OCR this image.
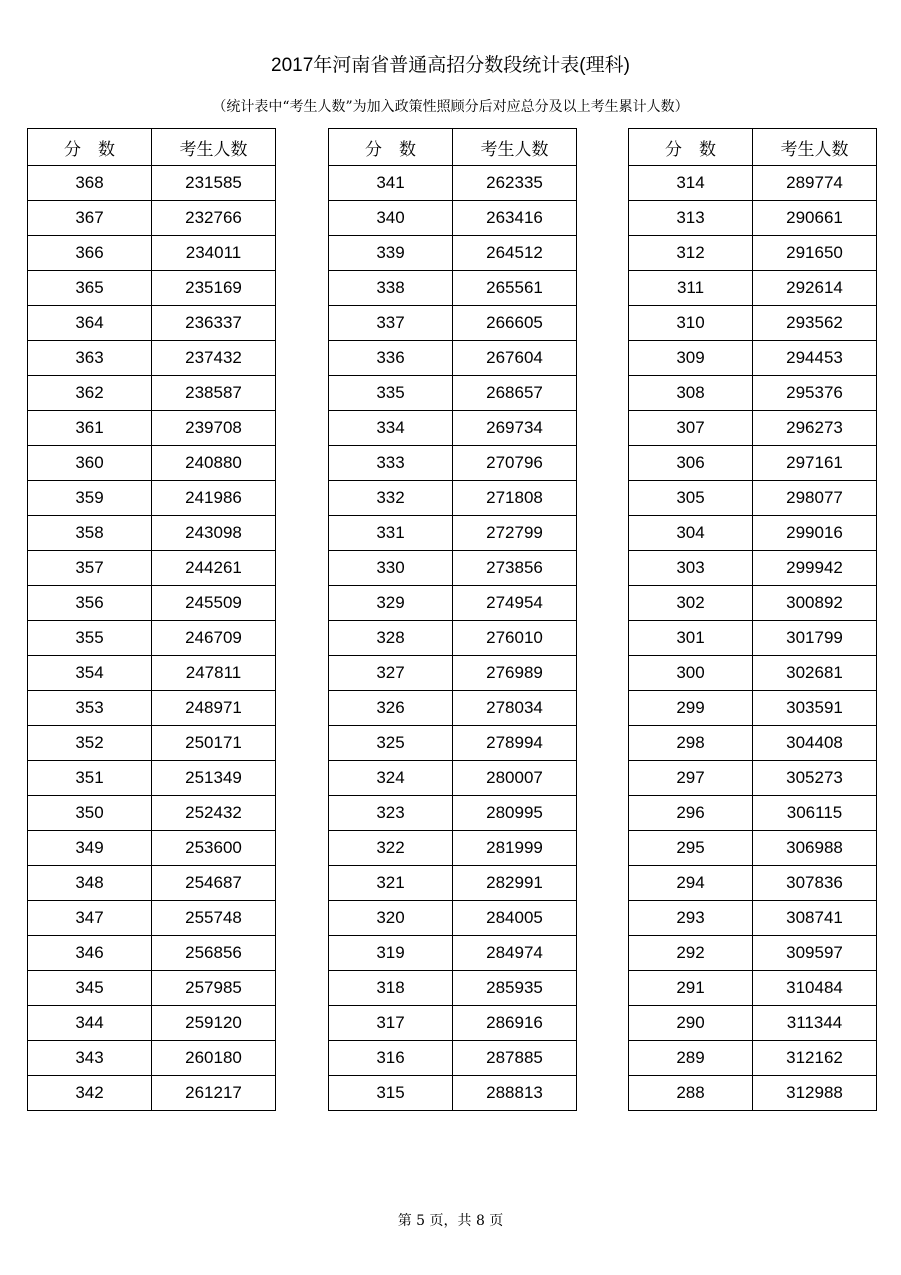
2017年河南省普通高招分数段统计表(理科)
（统计表中“考生人数”为加入政策性照顾分后对应总分及以上考生累计人数）
分　数	考生人数
368	231585
367	232766
366	234011
365	235169
364	236337
363	237432
362	238587
361	239708
360	240880
359	241986
358	243098
357	244261
356	245509
355	246709
354	247811
353	248971
352	250171
351	251349
350	252432
349	253600
348	254687
347	255748
346	256856
345	257985
344	259120
343	260180
342	261217
分　数	考生人数
341	262335
340	263416
339	264512
338	265561
337	266605
336	267604
335	268657
334	269734
333	270796
332	271808
331	272799
330	273856
329	274954
328	276010
327	276989
326	278034
325	278994
324	280007
323	280995
322	281999
321	282991
320	284005
319	284974
318	285935
317	286916
316	287885
315	288813
分　数	考生人数
314	289774
313	290661
312	291650
311	292614
310	293562
309	294453
308	295376
307	296273
306	297161
305	298077
304	299016
303	299942
302	300892
301	301799
300	302681
299	303591
298	304408
297	305273
296	306115
295	306988
294	307836
293	308741
292	309597
291	310484
290	311344
289	312162
288	312988
第 5 页，共 8 页
